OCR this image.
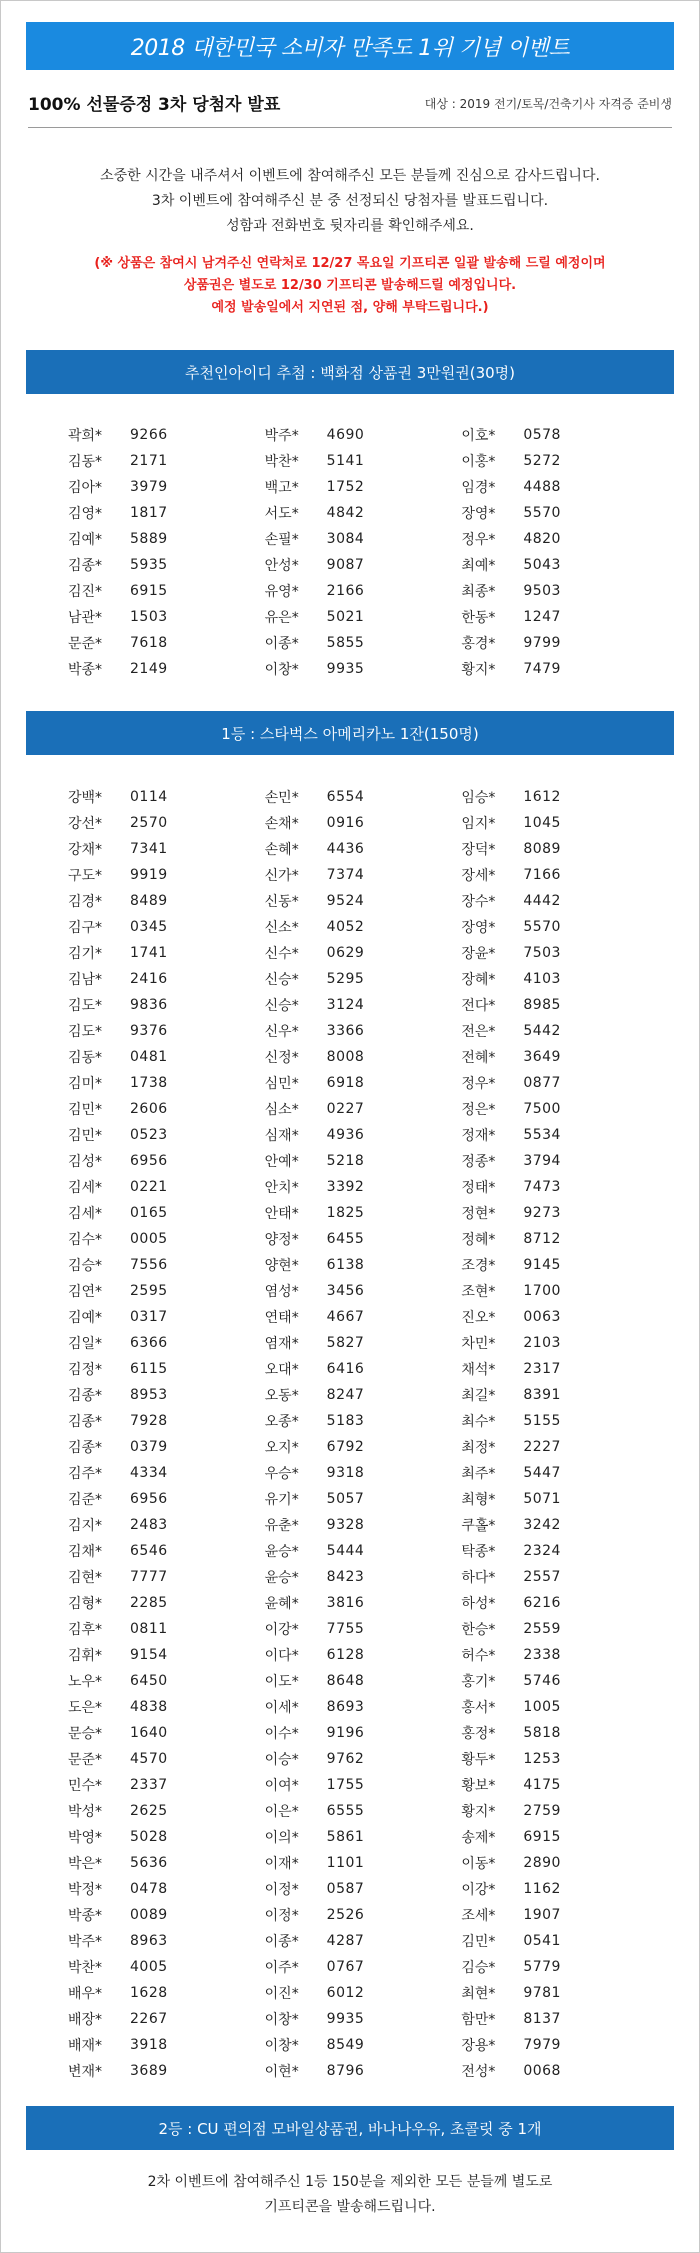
2018 대한민국 소비자 만족도 1위 기념 이벤트
100% 선물증정 3차 당첨자 발표	대상 : 2019 전기/토목/건축기사 자격증 준비생
소중한 시간을 내주셔서 이벤트에 참여해주신 모든 분들께 진심으로 감사드립니다.
3차 이벤트에 참여해주신 분 중 선정되신 당첨자를 발표드립니다.
성함과 전화번호 뒷자리를 확인해주세요.
(※ 상품은 참여시 남겨주신 연락처로 12/27 목요일 기프티콘 일괄 발송해 드릴 예정이며
상품권은 별도로 12/30 기프티콘 발송해드릴 예정입니다.
예정 발송일에서 지연된 점, 양해 부탁드립니다.)
추천인아이디 추첨 : 백화점 상품권 3만원권(30명)
곽희*	9266	박주*	4690	이호*	0578
김동*	2171	박찬*	5141	이홍*	5272
김아*	3979	백고*	1752	임경*	4488
김영*	1817	서도*	4842	장영*	5570
김예*	5889	손필*	3084	정우*	4820
김종*	5935	안성*	9087	최예*	5043
김진*	6915	유영*	2166	최종*	9503
남관*	1503	유은*	5021	한동*	1247
문준*	7618	이종*	5855	홍경*	9799
박종*	2149	이창*	9935	황지*	7479
1등 : 스타벅스 아메리카노 1잔(150명)
강백*	0114	손민*	6554	임승*	1612
강선*	2570	손채*	0916	임지*	1045
강채*	7341	손혜*	4436	장덕*	8089
구도*	9919	신가*	7374	장세*	7166
김경*	8489	신동*	9524	장수*	4442
김구*	0345	신소*	4052	장영*	5570
김기*	1741	신수*	0629	장윤*	7503
김남*	2416	신승*	5295	장혜*	4103
김도*	9836	신승*	3124	전다*	8985
김도*	9376	신우*	3366	전은*	5442
김동*	0481	신정*	8008	전혜*	3649
김미*	1738	심민*	6918	정우*	0877
김민*	2606	심소*	0227	정은*	7500
김민*	0523	심재*	4936	정재*	5534
김성*	6956	안예*	5218	정종*	3794
김세*	0221	안치*	3392	정태*	7473
김세*	0165	안태*	1825	정현*	9273
김수*	0005	양정*	6455	정혜*	8712
김승*	7556	양현*	6138	조경*	9145
김연*	2595	염성*	3456	조현*	1700
김예*	0317	연태*	4667	진오*	0063
김일*	6366	염재*	5827	차민*	2103
김정*	6115	오대*	6416	채석*	2317
김종*	8953	오동*	8247	최길*	8391
김종*	7928	오종*	5183	최수*	5155
김종*	0379	오지*	6792	최정*	2227
김주*	4334	우승*	9318	최주*	5447
김준*	6956	유기*	5057	최형*	5071
김지*	2483	유춘*	9328	쿠홀*	3242
김채*	6546	윤승*	5444	탁종*	2324
김현*	7777	윤승*	8423	하다*	2557
김형*	2285	윤혜*	3816	하성*	6216
김후*	0811	이강*	7755	한승*	2559
김휘*	9154	이다*	6128	허수*	2338
노우*	6450	이도*	8648	홍기*	5746
도은*	4838	이세*	8693	홍서*	1005
문승*	1640	이수*	9196	홍정*	5818
문준*	4570	이승*	9762	황두*	1253
민수*	2337	이여*	1755	황보*	4175
박성*	2625	이은*	6555	황지*	2759
박영*	5028	이의*	5861	송제*	6915
박은*	5636	이재*	1101	이동*	2890
박정*	0478	이정*	0587	이강*	1162
박종*	0089	이정*	2526	조세*	1907
박주*	8963	이종*	4287	김민*	0541
박찬*	4005	이주*	0767	김승*	5779
배우*	1628	이진*	6012	최현*	9781
배장*	2267	이창*	9935	함만*	8137
배재*	3918	이창*	8549	장용*	7979
변재*	3689	이현*	8796	전성*	0068
2등 : CU 편의점 모바일상품권, 바나나우유, 초콜릿 중 1개
2차 이벤트에 참여해주신 1등 150분을 제외한 모든 분들께 별도로
기프티콘을 발송해드립니다.
